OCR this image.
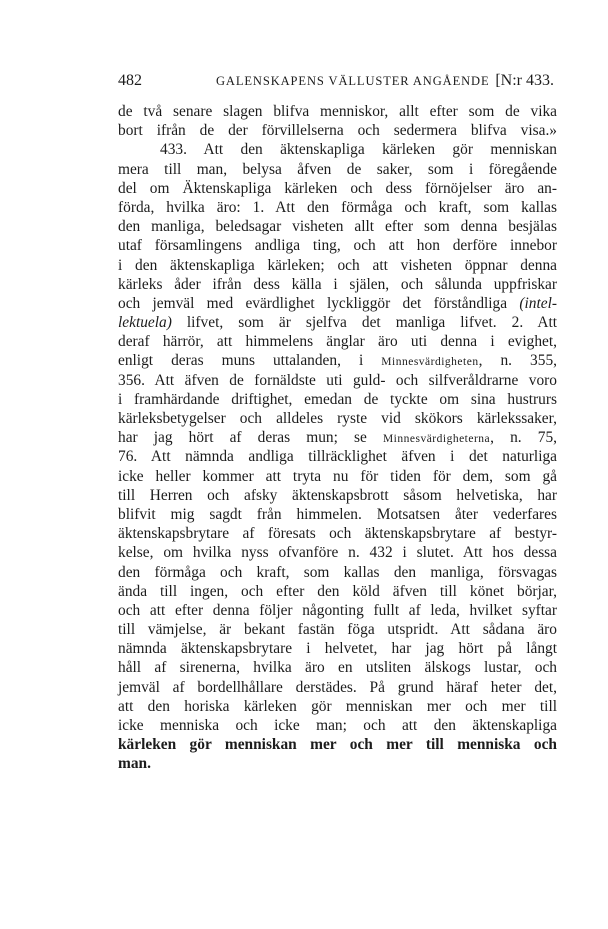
482	GALENSKAPENS VÄLLUSTER ANGÅENDE [N:r 433.
de två senare slagen blifva menniskor, allt efter som de vika
bort ifrån de der förvillelserna och sedermera blifva visa.»
433. Att den äktenskapliga kärleken gör menniskan
mera till man, belysa åfven de saker, som i föregående
del om Äktenskapliga kärleken och dess förnöjelser äro an-
förda, hvilka äro: 1. Att den förmåga och kraft, som kallas
den manliga, beledsagar visheten allt efter som denna besjälas
utaf församlingens andliga ting, och att hon derföre innebor
i den äktenskapliga kärleken; och att visheten öppnar denna
kärleks åder ifrån dess källa i själen, och sålunda uppfriskar
och jemväl med evärdlighet lyckliggör det förståndliga (intel-
lektuela) lifvet, som är sjelfva det manliga lifvet. 2. Att
deraf härrör, att himmelens änglar äro uti denna i evighet,
enligt deras muns uttalanden, i Minnesvärdigheten, n. 355,
356. Att äfven de fornäldste uti guld- och silfveråldrarne voro
i framhärdande driftighet, emedan de tyckte om sina hustrurs
kärleksbetygelser och alldeles ryste vid skökors kärlekssaker,
har jag hört af deras mun; se Minnesvärdigheterna, n. 75,
76. Att nämnda andliga tillräcklighet äfven i det naturliga
icke heller kommer att tryta nu för tiden för dem, som gå
till Herren och afsky äktenskapsbrott såsom helvetiska, har
blifvit mig sagdt från himmelen. Motsatsen åter vederfares
äktenskapsbrytare af föresats och äktenskapsbrytare af bestyr-
kelse, om hvilka nyss ofvanföre n. 432 i slutet. Att hos dessa
den förmåga och kraft, som kallas den manliga, försvagas
ända till ingen, och efter den köld äfven till könet börjar,
och att efter denna följer någonting fullt af leda, hvilket syftar
till vämjelse, är bekant fastän föga utspridt. Att sådana äro
nämnda äktenskapsbrytare i helvetet, har jag hört på långt
håll af sirenerna, hvilka äro en utsliten älskogs lustar, och
jemväl af bordellhållare derstädes. På grund häraf heter det,
att den horiska kärleken gör menniskan mer och mer till
icke menniska och icke man; och att den äktenskapliga
kärleken gör menniskan mer och mer till menniska och
man.
